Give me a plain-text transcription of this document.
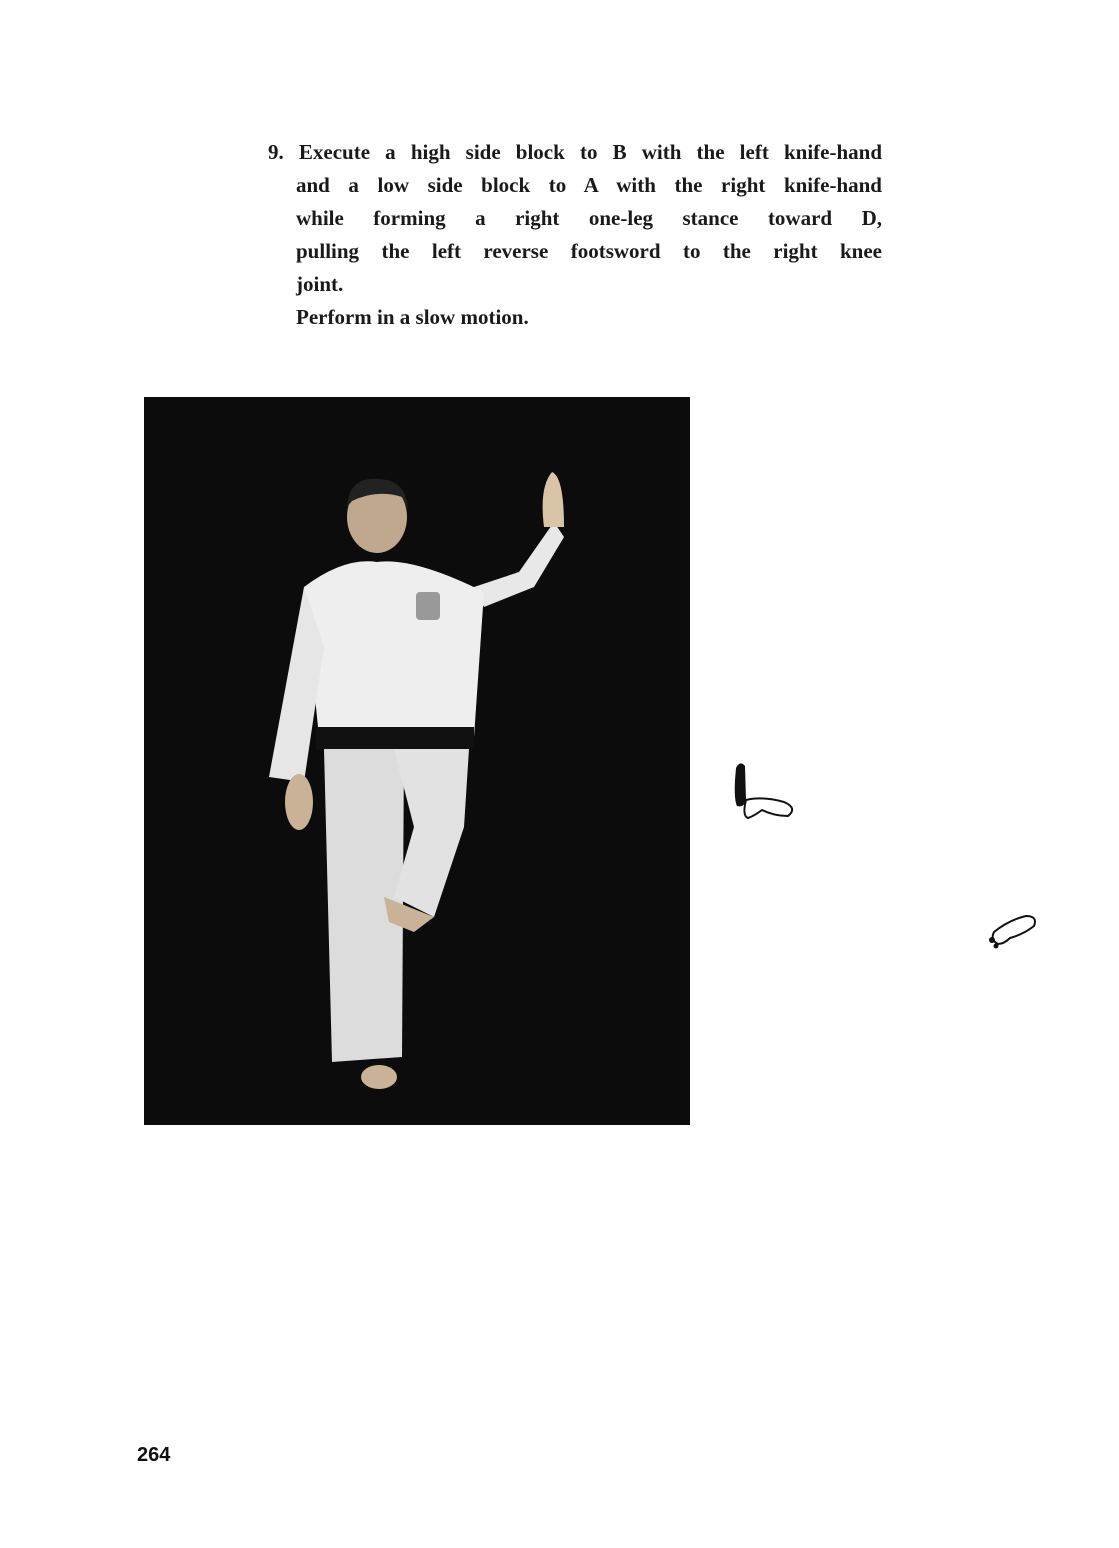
9. Execute a high side block to B with the left knife-hand
and a low side block to A with the right knife-hand
while forming a right one-leg stance toward D,
pulling the left reverse footsword to the right knee
joint.
Perform in a slow motion.
264
